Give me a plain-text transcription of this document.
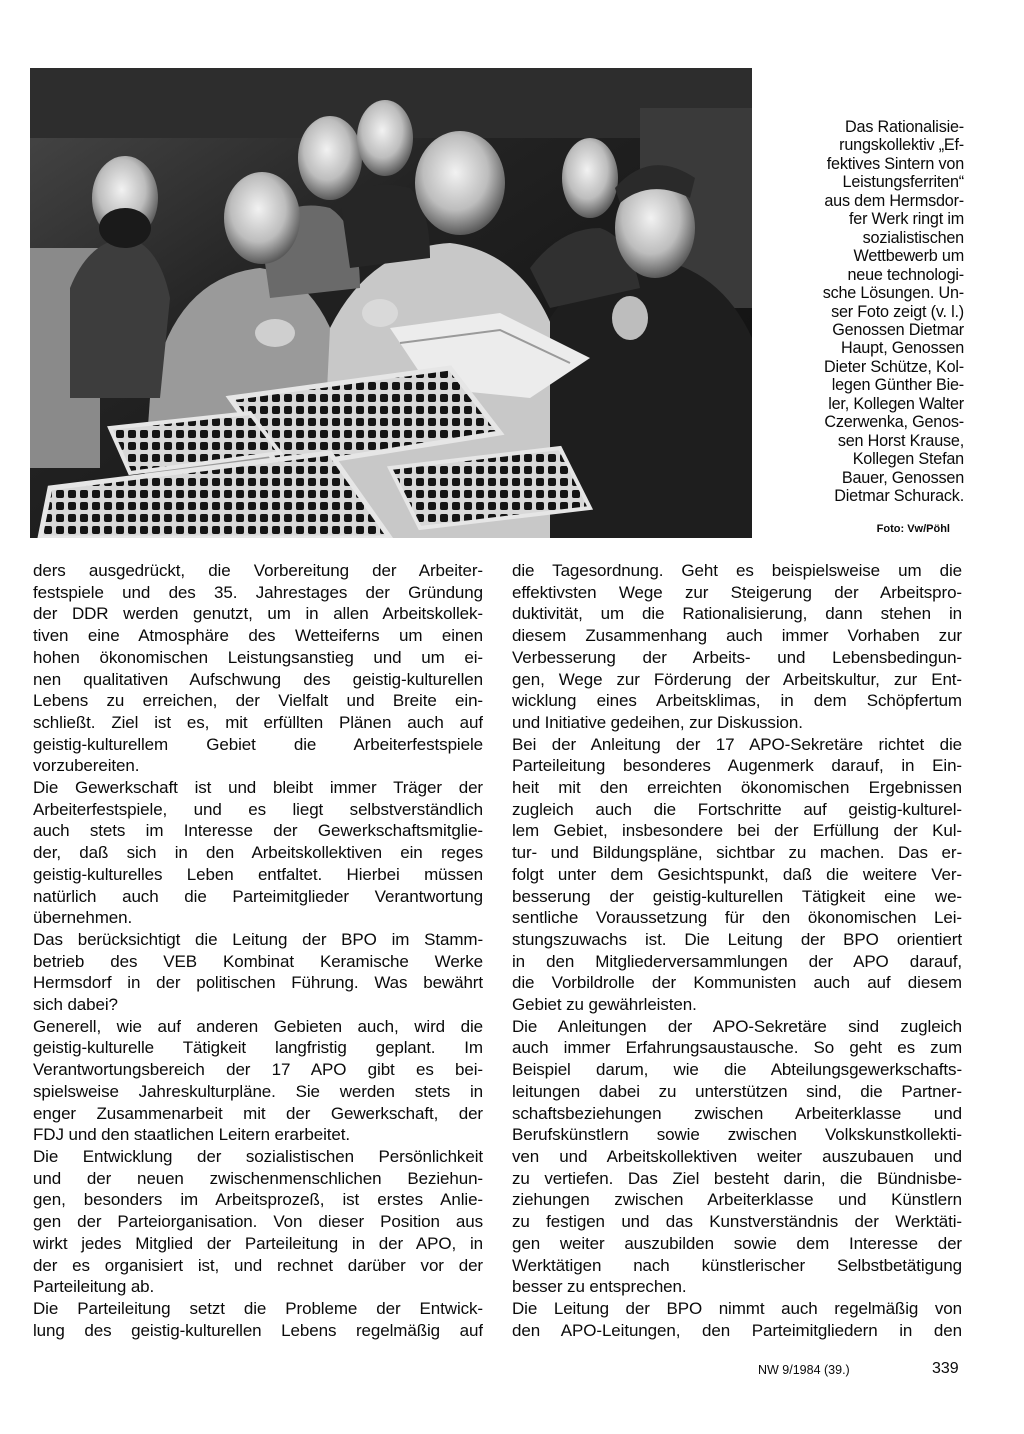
Das Rationalisie-
rungskollektiv „Ef-
fektives Sintern von
Leistungsferriten“
aus dem Hermsdor-
fer Werk ringt im
sozialistischen
Wettbewerb um
neue technologi-
sche Lösungen. Un-
ser Foto zeigt (v. l.)
Genossen Dietmar
Haupt, Genossen
Dieter Schütze, Kol-
legen Günther Bie-
ler, Kollegen Walter
Czerwenka, Genos-
sen Horst Krause,
Kollegen Stefan
Bauer, Genossen
Dietmar Schurack.
Foto: Vw/Pöhl
ders ausgedrückt, die Vorbereitung der Arbeiter-
festspiele und des 35. Jahrestages der Gründung
der DDR werden genutzt, um in allen Arbeitskollek-
tiven eine Atmosphäre des Wetteiferns um einen
hohen ökonomischen Leistungsanstieg und um ei-
nen qualitativen Aufschwung des geistig-kulturellen
Lebens zu erreichen, der Vielfalt und Breite ein-
schließt. Ziel ist es, mit erfüllten Plänen auch auf
geistig-kulturellem Gebiet die Arbeiterfestspiele
vorzubereiten.
Die Gewerkschaft ist und bleibt immer Träger der
Arbeiterfestspiele, und es liegt selbstverständlich
auch stets im Interesse der Gewerkschaftsmitglie-
der, daß sich in den Arbeitskollektiven ein reges
geistig-kulturelles Leben entfaltet. Hierbei müssen
natürlich auch die Parteimitglieder Verantwortung
übernehmen.
Das berücksichtigt die Leitung der BPO im Stamm-
betrieb des VEB Kombinat Keramische Werke
Hermsdorf in der politischen Führung. Was bewährt
sich dabei?
Generell, wie auf anderen Gebieten auch, wird die
geistig-kulturelle Tätigkeit langfristig geplant. Im
Verantwortungsbereich der 17 APO gibt es bei-
spielsweise Jahreskulturpläne. Sie werden stets in
enger Zusammenarbeit mit der Gewerkschaft, der
FDJ und den staatlichen Leitern erarbeitet.
Die Entwicklung der sozialistischen Persönlichkeit
und der neuen zwischenmenschlichen Beziehun-
gen, besonders im Arbeitsprozeß, ist erstes Anlie-
gen der Parteiorganisation. Von dieser Position aus
wirkt jedes Mitglied der Parteileitung in der APO, in
der es organisiert ist, und rechnet darüber vor der
Parteileitung ab.
Die Parteileitung setzt die Probleme der Entwick-
lung des geistig-kulturellen Lebens regelmäßig auf
die Tagesordnung. Geht es beispielsweise um die
effektivsten Wege zur Steigerung der Arbeitspro-
duktivität, um die Rationalisierung, dann stehen in
diesem Zusammenhang auch immer Vorhaben zur
Verbesserung der Arbeits- und Lebensbedingun-
gen, Wege zur Förderung der Arbeitskultur, zur Ent-
wicklung eines Arbeitsklimas, in dem Schöpfertum
und Initiative gedeihen, zur Diskussion.
Bei der Anleitung der 17 APO-Sekretäre richtet die
Parteileitung besonderes Augenmerk darauf, in Ein-
heit mit den erreichten ökonomischen Ergebnissen
zugleich auch die Fortschritte auf geistig-kulturel-
lem Gebiet, insbesondere bei der Erfüllung der Kul-
tur- und Bildungspläne, sichtbar zu machen. Das er-
folgt unter dem Gesichtspunkt, daß die weitere Ver-
besserung der geistig-kulturellen Tätigkeit eine we-
sentliche Voraussetzung für den ökonomischen Lei-
stungszuwachs ist. Die Leitung der BPO orientiert
in den Mitgliederversammlungen der APO darauf,
die Vorbildrolle der Kommunisten auch auf diesem
Gebiet zu gewährleisten.
Die Anleitungen der APO-Sekretäre sind zugleich
auch immer Erfahrungsaustausche. So geht es zum
Beispiel darum, wie die Abteilungsgewerkschafts-
leitungen dabei zu unterstützen sind, die Partner-
schaftsbeziehungen zwischen Arbeiterklasse und
Berufskünstlern sowie zwischen Volkskunstkollekti-
ven und Arbeitskollektiven weiter auszubauen und
zu vertiefen. Das Ziel besteht darin, die Bündnisbe-
ziehungen zwischen Arbeiterklasse und Künstlern
zu festigen und das Kunstverständnis der Werktäti-
gen weiter auszubilden sowie dem Interesse der
Werktätigen nach künstlerischer Selbstbetätigung
besser zu entsprechen.
Die Leitung der BPO nimmt auch regelmäßig von
den APO-Leitungen, den Parteimitgliedern in den
NW 9/1984 (39.)	339
